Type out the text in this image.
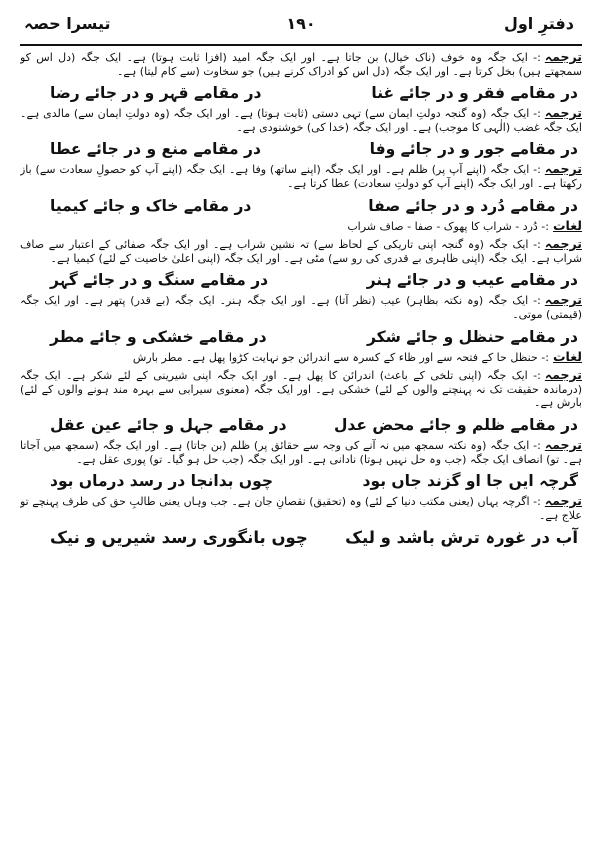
دفترِ اول
۱۹۰
تیسرا حصہ

ترجمہ:- ایک جگہ وہ خوف (ناک خیال) بن جاتا ہے۔ اور ایک جگہ امید (افزا ثابت ہوتا) ہے۔ ایک جگہ (دل اس کو سمجھتے ہیں) بخل کرتا ہے۔ اور ایک جگہ (دل اس کو ادراک کرنے ہیں) جو سخاوت (سے کام لیتا) ہے۔

در مقامے فقر و در جائے غنا
در مقامے قہر و در جائے رضا

ترجمہ:- ایک جگہ (وہ گنجہ دولتِ ایمان سے) تہی دستی (ثابت ہوتا) ہے۔ اور ایک جگہ (وہ دولتِ ایمان سے) مالدی ہے۔ ایک جگہ غضب (الٰہی کا موجب) ہے۔ اور ایک جگہ (خدا کی) خوشنودی ہے۔

در مقامے جور و در جائے وفا
در مقامے منع و در جائے عطا

ترجمہ:- ایک جگہ (اپنے آپ پر) ظلم ہے۔ اور ایک جگہ (اپنے ساتھ) وفا ہے۔ ایک جگہ (اپنے آپ کو حصولِ سعادت سے) باز رکھتا ہے۔ اور ایک جگہ (اپنے آپ کو دولتِ سعادت) عطا کرتا ہے۔

در مقامے دُرد و در جائے صفا
در مقامے خاک و جائے کیمیا

لغات:- دُرد - شراب کا پھوک - صفا - صاف شراب

ترجمہ:- ایک جگہ (وہ گنجہ اپنی تاریکی کے لحاظ سے) تہ نشین شراب ہے۔ اور ایک جگہ صفائی کے اعتبار سے صاف شراب ہے۔ ایک جگہ (اپنی ظاہری بے قدری کی رو سے) مٹی ہے۔ اور ایک جگہ (اپنی اعلیٰ خاصیت کے لئے) کیمیا ہے۔

در مقامے عیب و در جائے ہنر
در مقامے سنگ و در جائے گہر

ترجمہ:- ایک جگہ (وہ نکتہ بظاہر) عیب (نظر آتا) ہے۔ اور ایک جگہ ہنر۔ ایک جگہ (بے قدر) پتھر ہے۔ اور ایک جگہ (قیمتی) موتی۔

در مقامے حنظل و جائے شکر
در مقامے خشکی و جائے مطر

لغات:- حنظل حا کے فتحہ سے اور ظاء کے کسرہ سے اندرائن جو نہایت کڑوا پھل ہے۔ مطر بارش

ترجمہ:- ایک جگہ (اپنی تلخی کے باعث) اندرائن کا پھل ہے۔ اور ایک جگہ اپنی شیرینی کے لئے شکر ہے۔ ایک جگہ (درماندہ حقیقت تک نہ پہنچنے والوں کے لئے) خشکی ہے۔ اور ایک جگہ (معنوی سیرابی سے بہرہ مند ہونے والوں کے لئے) بارش ہے۔

در مقامے ظلم و جائے محض عدل
در مقامے جہل و جائے عین عقل

ترجمہ:- ایک جگہ (وہ نکتہ سمجھ میں نہ آنے کی وجہ سے حقائق پر) ظلم (بن جاتا) ہے۔ اور ایک جگہ (سمجھ میں آجاتا ہے۔ تو) انصاف ایک جگہ (جب وہ حل نہیں ہوتا) نادانی ہے۔ اور ایک جگہ (جب حل ہو گیا۔ تو) پوری عقل ہے۔

گرچہ ایں جا او گزند جاں بود
چوں بدانجا در رسد درماں بود

ترجمہ:- اگرچہ یہاں (یعنی مکتب دنیا کے لئے) وہ (تحقیق) نقصانِ جان ہے۔ جب وہاں یعنی طالبِ حق کی طرف پہنچے تو علاج ہے۔

آب در غورہ ترش باشد و لیک
چوں بانگوری رسد شیریں و نیک
